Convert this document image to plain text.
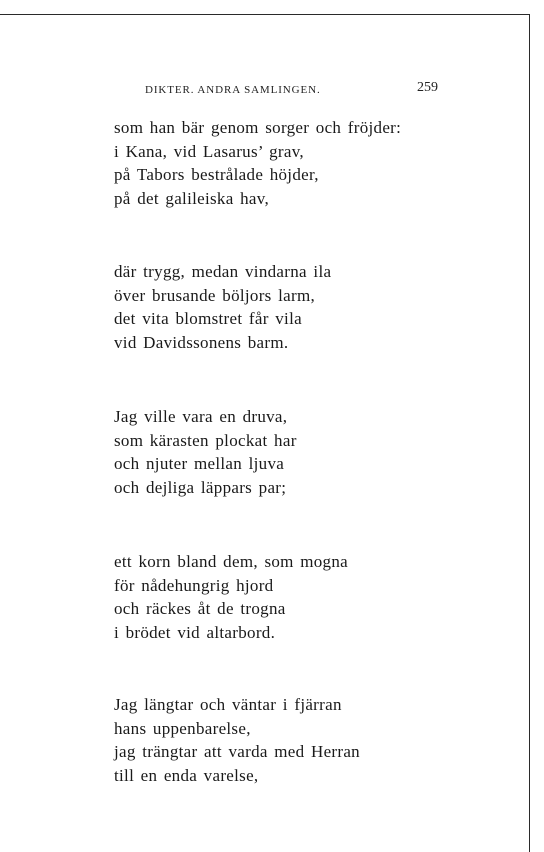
DIKTER. ANDRA SAMLINGEN.	259
som han bär genom sorger och fröjder:
i Kana, vid Lasarus’ grav,
på Tabors bestrålade höjder,
på det galileiska hav,
där trygg, medan vindarna ila
över brusande böljors larm,
det vita blomstret får vila
vid Davidssonens barm.
Jag ville vara en druva,
som kärasten plockat har
och njuter mellan ljuva
och dejliga läppars par;
ett korn bland dem, som mogna
för nådehungrig hjord
och räckes åt de trogna
i brödet vid altarbord.
Jag längtar och väntar i fjärran
hans uppenbarelse,
jag trängtar att varda med Herran
till en enda varelse,
